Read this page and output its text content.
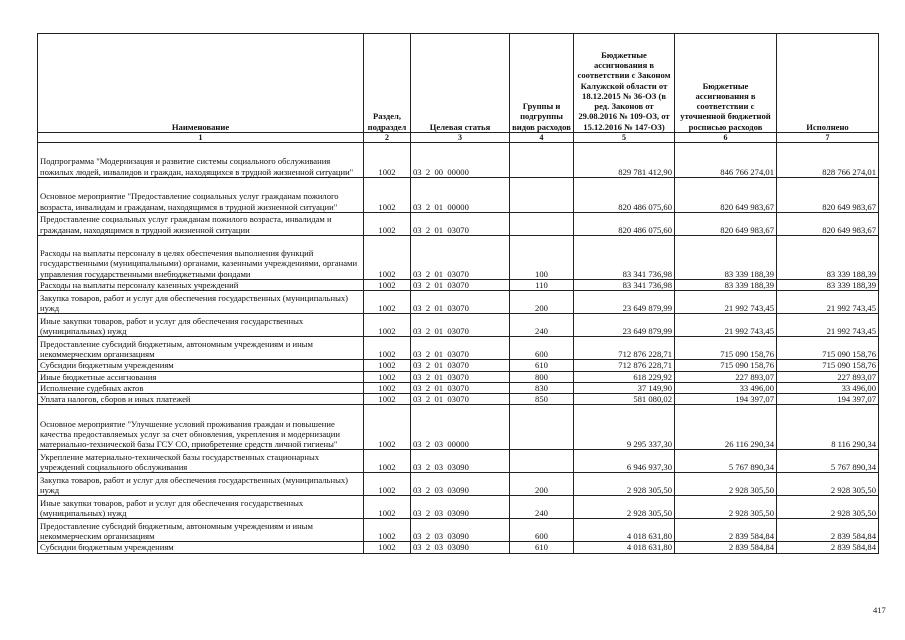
Наименование	Раздел, подраздел	Целевая статья	Группы и подгруппы видов расходов	Бюджетные ассигнования в соответствии с Законом Калужской области от 18.12.2015 № 36-ОЗ (в ред. Законов от 29.08.2016 № 109-ОЗ, от 15.12.2016 № 147-ОЗ)	Бюджетные ассигнования в соответствии с уточненной бюджетной росписью расходов	Исполнено
1	2	3	4	5	6	7
Подпрограмма "Модернизация и развитие системы социального обслуживания пожилых людей, инвалидов и граждан, находящихся в трудной жизненной ситуации"	1002	03  2  00  00000		829 781 412,90	846 766 274,01	828 766 274,01
Основное мероприятие "Предоставление социальных услуг гражданам пожилого возраста, инвалидам и гражданам, находящимся в трудной жизненной ситуации"	1002	03  2  01  00000		820 486 075,60	820 649 983,67	820 649 983,67
Предоставление социальных услуг гражданам пожилого возраста, инвалидам и гражданам, находящимся в трудной жизненной ситуации	1002	03  2  01  03070		820 486 075,60	820 649 983,67	820 649 983,67
Расходы на выплаты персоналу в целях обеспечения выполнения функций государственными (муниципальными) органами, казенными учреждениями, органами управления государственными внебюджетными фондами	1002	03  2  01  03070	100	83 341 736,98	83 339 188,39	83 339 188,39
Расходы на выплаты персоналу казенных учреждений	1002	03  2  01  03070	110	83 341 736,98	83 339 188,39	83 339 188,39
Закупка товаров, работ и услуг для обеспечения государственных (муниципальных) нужд	1002	03  2  01  03070	200	23 649 879,99	21 992 743,45	21 992 743,45
Иные закупки товаров, работ и услуг для обеспечения государственных (муниципальных) нужд	1002	03  2  01  03070	240	23 649 879,99	21 992 743,45	21 992 743,45
Предоставление субсидий бюджетным, автономным учреждениям и иным некоммерческим организациям	1002	03  2  01  03070	600	712 876 228,71	715 090 158,76	715 090 158,76
Субсидии бюджетным учреждениям	1002	03  2  01  03070	610	712 876 228,71	715 090 158,76	715 090 158,76
Иные бюджетные ассигнования	1002	03  2  01  03070	800	618 229,92	227 893,07	227 893,07
Исполнение судебных актов	1002	03  2  01  03070	830	37 149,90	33 496,00	33 496,00
Уплата налогов, сборов и иных платежей	1002	03  2  01  03070	850	581 080,02	194 397,07	194 397,07
Основное мероприятие "Улучшение условий проживания граждан и повышение качества предоставляемых услуг за счет обновления, укрепления и модернизации материально-технической базы ГСУ СО, приобретение средств личной гигиены"	1002	03  2  03  00000		9 295 337,30	26 116 290,34	8 116 290,34
Укрепление материально-технической базы государственных стационарных учреждений социального обслуживания	1002	03  2  03  03090		6 946 937,30	5 767 890,34	5 767 890,34
Закупка товаров, работ и услуг для обеспечения государственных (муниципальных) нужд	1002	03  2  03  03090	200	2 928 305,50	2 928 305,50	2 928 305,50
Иные закупки товаров, работ и услуг для обеспечения государственных (муниципальных) нужд	1002	03  2  03  03090	240	2 928 305,50	2 928 305,50	2 928 305,50
Предоставление субсидий бюджетным, автономным учреждениям и иным некоммерческим организациям	1002	03  2  03  03090	600	4 018 631,80	2 839 584,84	2 839 584,84
Субсидии бюджетным учреждениям	1002	03  2  03  03090	610	4 018 631,80	2 839 584,84	2 839 584,84
417
